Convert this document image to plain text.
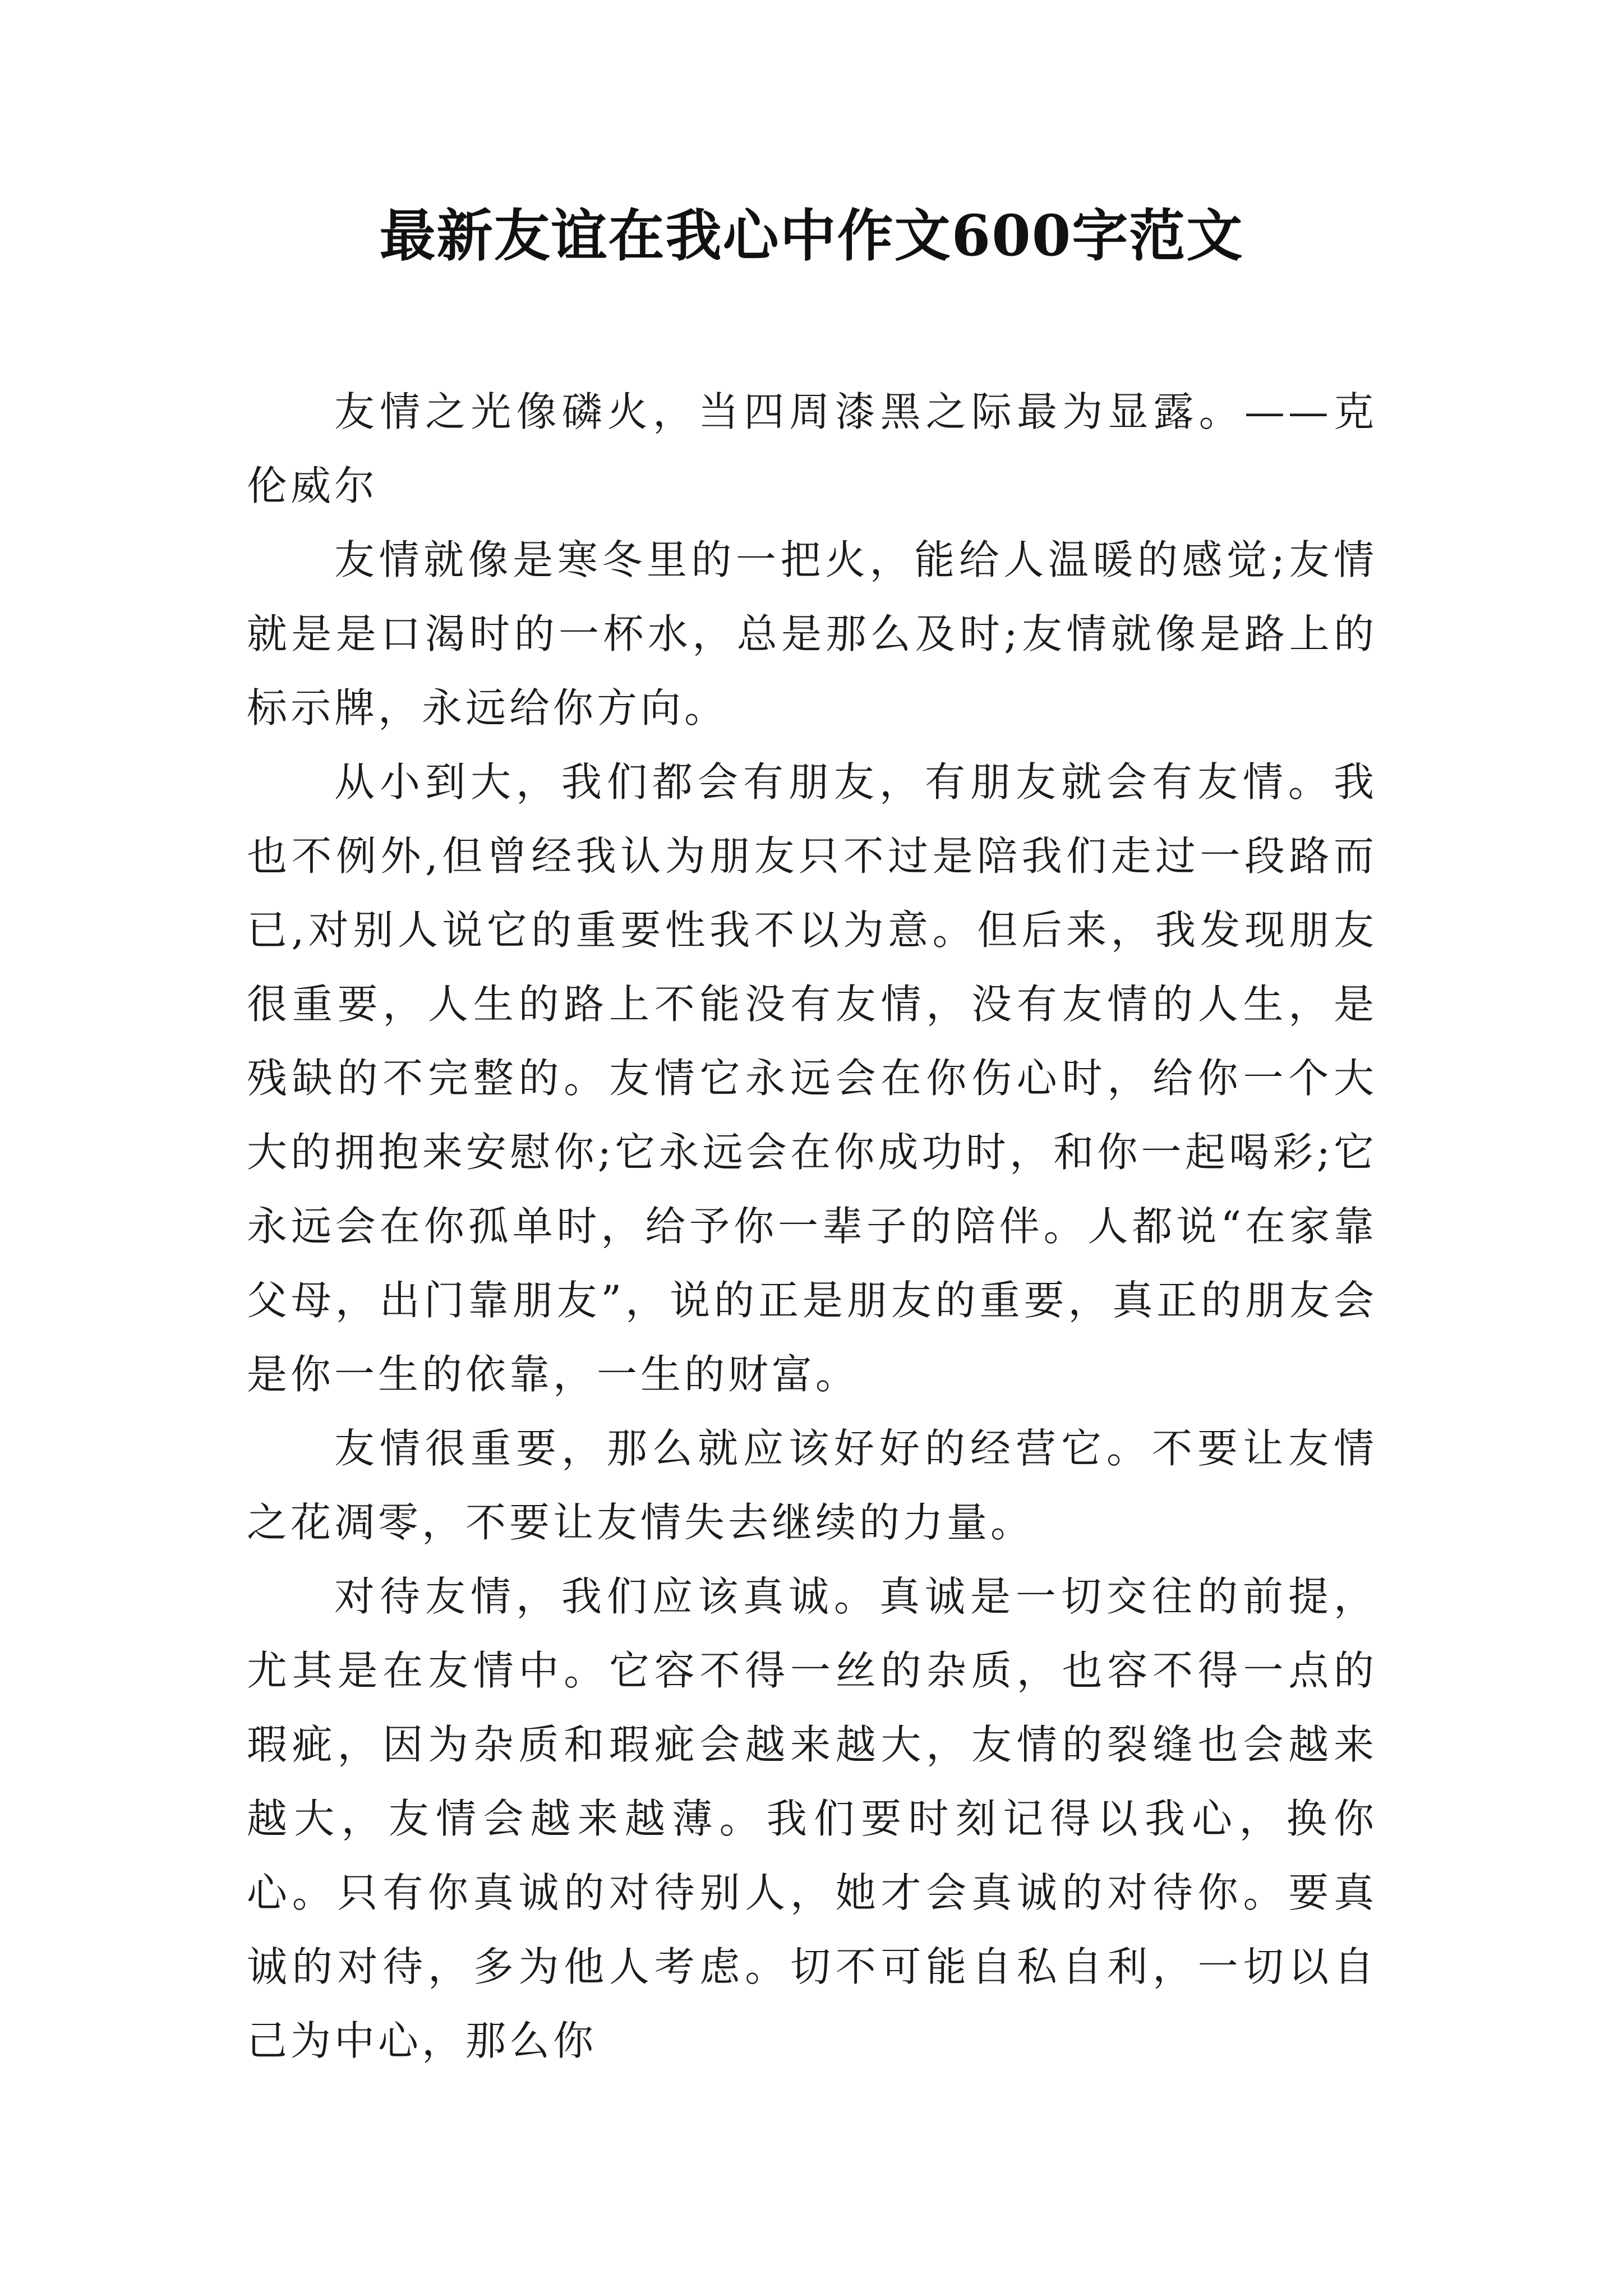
最新友谊在我心中作文600字范文

友情之光像磷火，当四周漆黑之际最为显露。——克伦威尔

友情就像是寒冬里的一把火，能给人温暖的感觉;友情就是是口渴时的一杯水，总是那么及时;友情就像是路上的标示牌，永远给你方向。

从小到大，我们都会有朋友，有朋友就会有友情。我也不例外,但曾经我认为朋友只不过是陪我们走过一段路而已,对别人说它的重要性我不以为意。但后来，我发现朋友很重要，人生的路上不能没有友情，没有友情的人生，是残缺的不完整的。友情它永远会在你伤心时，给你一个大大的拥抱来安慰你;它永远会在你成功时，和你一起喝彩;它永远会在你孤单时，给予你一辈子的陪伴。人都说“在家靠父母，出门靠朋友”，说的正是朋友的重要，真正的朋友会是你一生的依靠，一生的财富。

友情很重要，那么就应该好好的经营它。不要让友情之花凋零，不要让友情失去继续的力量。

对待友情，我们应该真诚。真诚是一切交往的前提，尤其是在友情中。它容不得一丝的杂质，也容不得一点的瑕疵，因为杂质和瑕疵会越来越大，友情的裂缝也会越来越大，友情会越来越薄。我们要时刻记得以我心，换你心。只有你真诚的对待别人，她才会真诚的对待你。要真诚的对待，多为他人考虑。切不可能自私自利，一切以自己为中心，那么你
